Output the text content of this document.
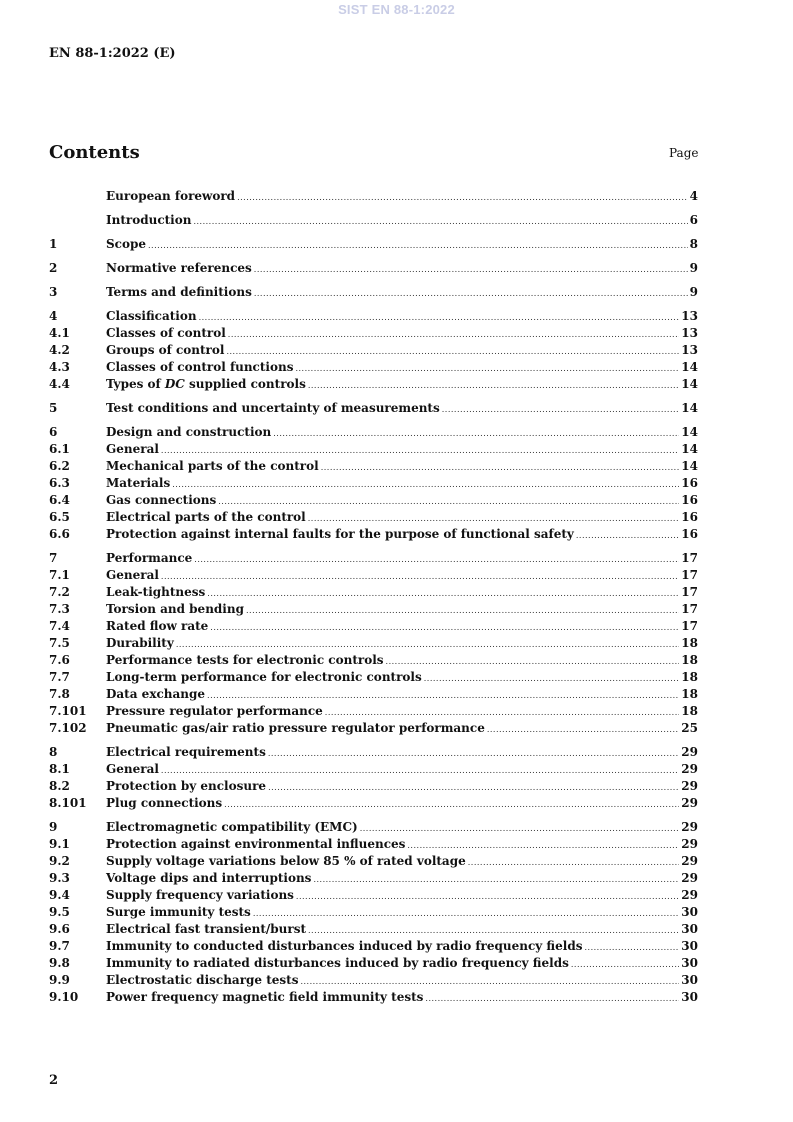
SIST EN 88-1:2022
EN 88-1:2022 (E)
Contents	Page
European foreword .....	4
Introduction .....	6
1	Scope .....	8
2	Normative references .....	9
3	Terms and definitions .....	9
4	Classification .....	13
4.1	Classes of control .....	13
4.2	Groups of control .....	13
4.3	Classes of control functions .....	14
4.4	Types of DC supplied controls .....	14
5	Test conditions and uncertainty of measurements .....	14
6	Design and construction .....	14
6.1	General .....	14
6.2	Mechanical parts of the control .....	14
6.3	Materials .....	16
6.4	Gas connections .....	16
6.5	Electrical parts of the control .....	16
6.6	Protection against internal faults for the purpose of functional safety .....	16
7	Performance .....	17
7.1	General .....	17
7.2	Leak-tightness .....	17
7.3	Torsion and bending .....	17
7.4	Rated flow rate .....	17
7.5	Durability .....	18
7.6	Performance tests for electronic controls .....	18
7.7	Long-term performance for electronic controls .....	18
7.8	Data exchange .....	18
7.101	Pressure regulator performance .....	18
7.102	Pneumatic gas/air ratio pressure regulator performance .....	25
8	Electrical requirements .....	29
8.1	General .....	29
8.2	Protection by enclosure .....	29
8.101	Plug connections .....	29
9	Electromagnetic compatibility (EMC) .....	29
9.1	Protection against environmental influences .....	29
9.2	Supply voltage variations below 85 % of rated voltage .....	29
9.3	Voltage dips and interruptions .....	29
9.4	Supply frequency variations .....	29
9.5	Surge immunity tests .....	30
9.6	Electrical fast transient/burst .....	30
9.7	Immunity to conducted disturbances induced by radio frequency fields .....	30
9.8	Immunity to radiated disturbances induced by radio frequency fields .....	30
9.9	Electrostatic discharge tests .....	30
9.10	Power frequency magnetic field immunity tests .....	30
2
